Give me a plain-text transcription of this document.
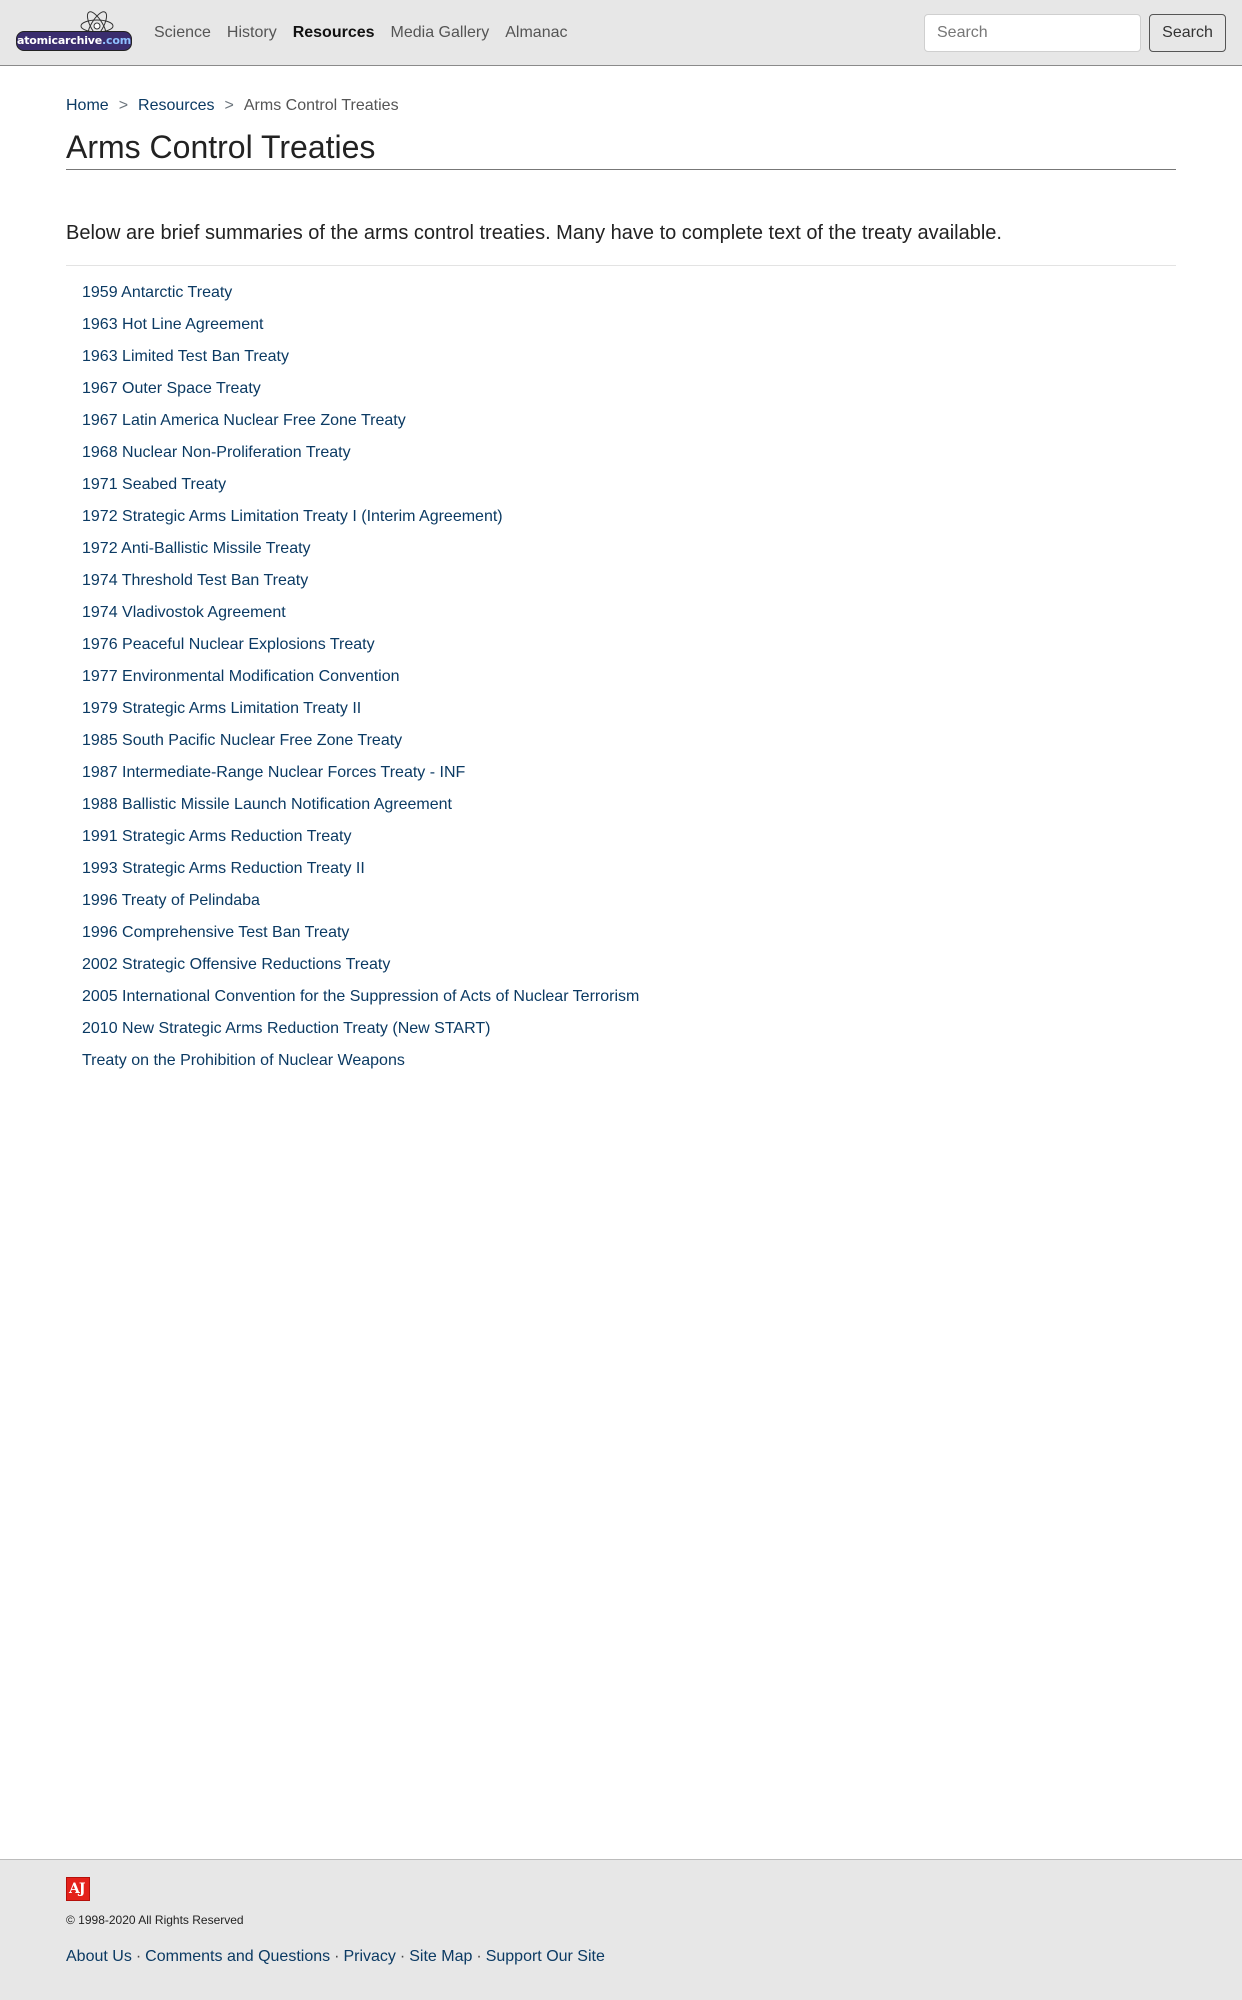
atomicarchive.com Science History Resources Media Gallery Almanac
Search	Search
Home > Resources > Arms Control Treaties
Arms Control Treaties

Below are brief summaries of the arms control treaties. Many have to complete text of the treaty available.

1959 Antarctic Treaty
1963 Hot Line Agreement
1963 Limited Test Ban Treaty
1967 Outer Space Treaty
1967 Latin America Nuclear Free Zone Treaty
1968 Nuclear Non-Proliferation Treaty
1971 Seabed Treaty
1972 Strategic Arms Limitation Treaty I (Interim Agreement)
1972 Anti-Ballistic Missile Treaty
1974 Threshold Test Ban Treaty
1974 Vladivostok Agreement
1976 Peaceful Nuclear Explosions Treaty
1977 Environmental Modification Convention
1979 Strategic Arms Limitation Treaty II
1985 South Pacific Nuclear Free Zone Treaty
1987 Intermediate-Range Nuclear Forces Treaty - INF
1988 Ballistic Missile Launch Notification Agreement
1991 Strategic Arms Reduction Treaty
1993 Strategic Arms Reduction Treaty II
1996 Treaty of Pelindaba
1996 Comprehensive Test Ban Treaty
2002 Strategic Offensive Reductions Treaty
2005 International Convention for the Suppression of Acts of Nuclear Terrorism
2010 New Strategic Arms Reduction Treaty (New START)
Treaty on the Prohibition of Nuclear Weapons
AJ

© 1998-2020 All Rights Reserved

About Us · Comments and Questions · Privacy · Site Map · Support Our Site
